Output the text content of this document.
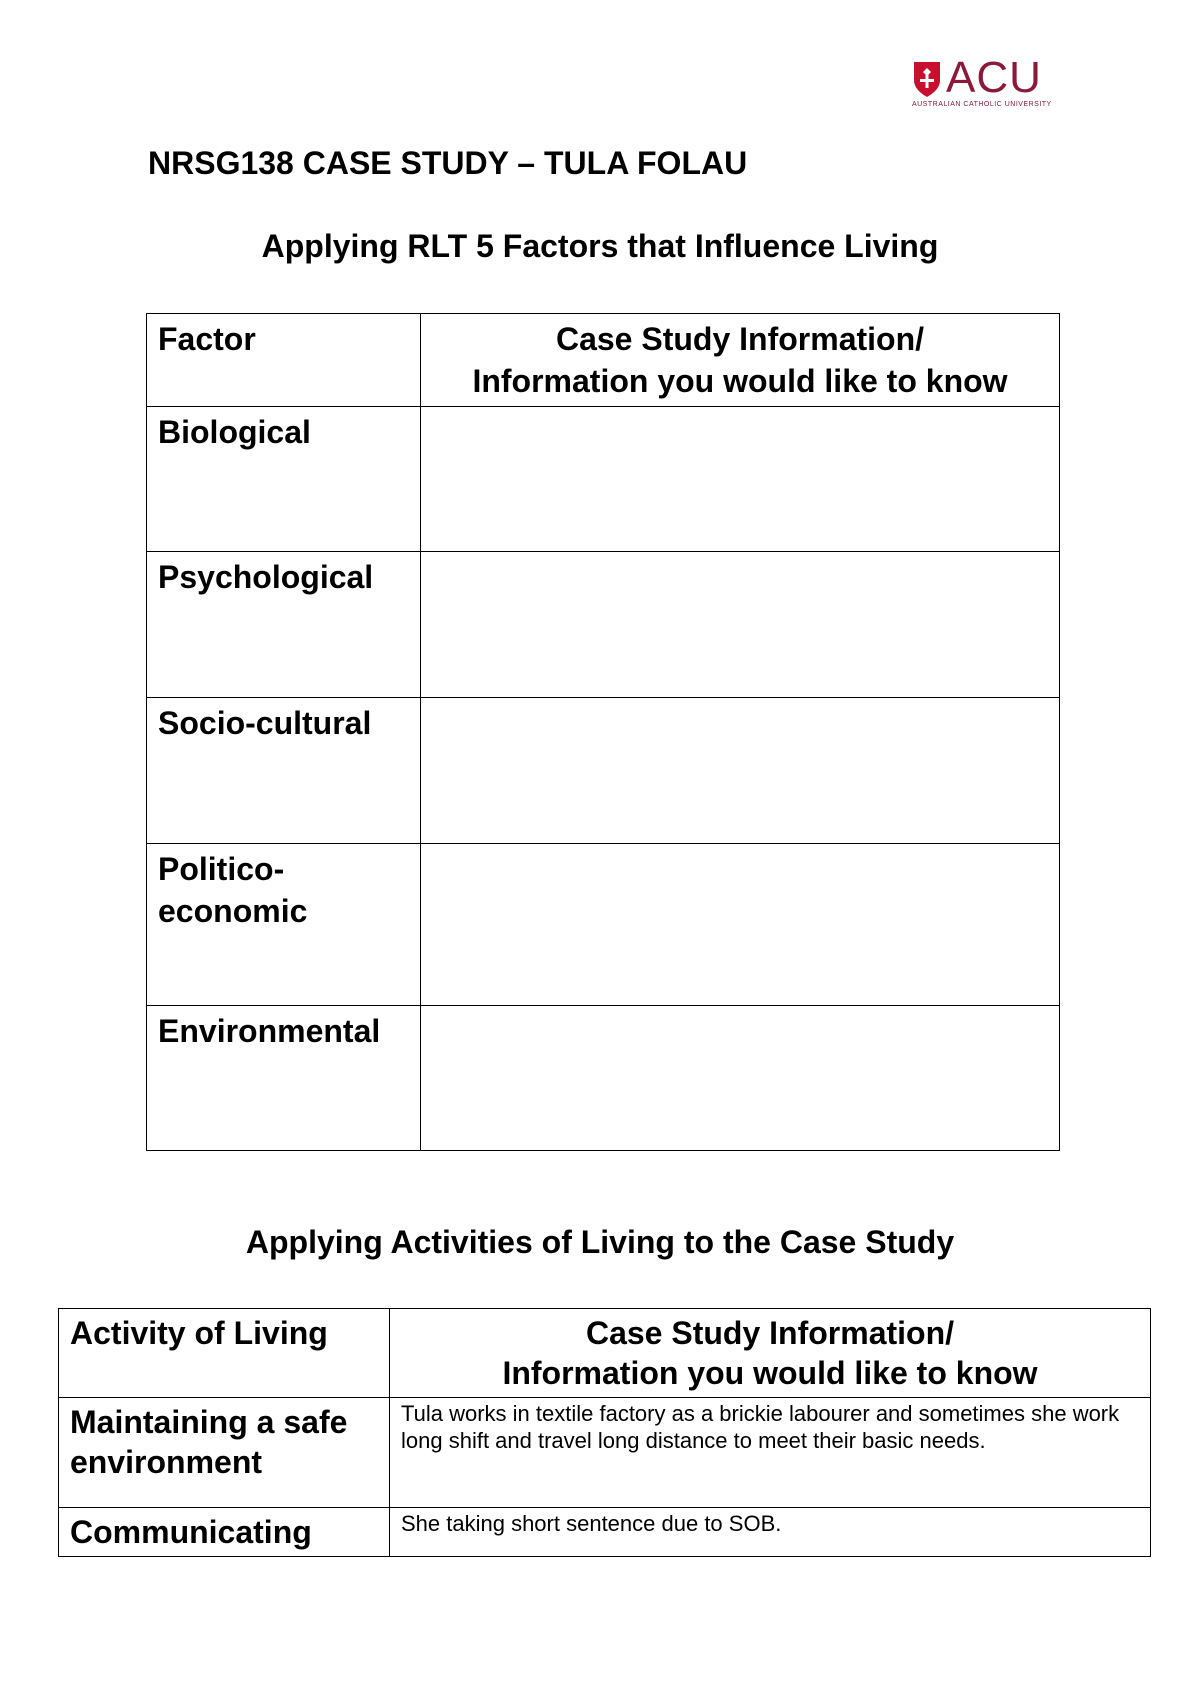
ACU
AUSTRALIAN CATHOLIC UNIVERSITY
NRSG138 CASE STUDY – TULA FOLAU
Applying RLT 5 Factors that Influence Living
Factor	Case Study Information/
Information you would like to know

Biological	
Psychological	
Socio-cultural	
Politico-economic	
Environmental	
Applying Activities of Living to the Case Study
Activity of Living	Case Study Information/
Information you would like to know

Maintaining a safe environment	Tula works in textile factory as a brickie labourer and sometimes she work long shift and travel long distance to meet their basic needs.
Communicating	She taking short sentence due to SOB.
